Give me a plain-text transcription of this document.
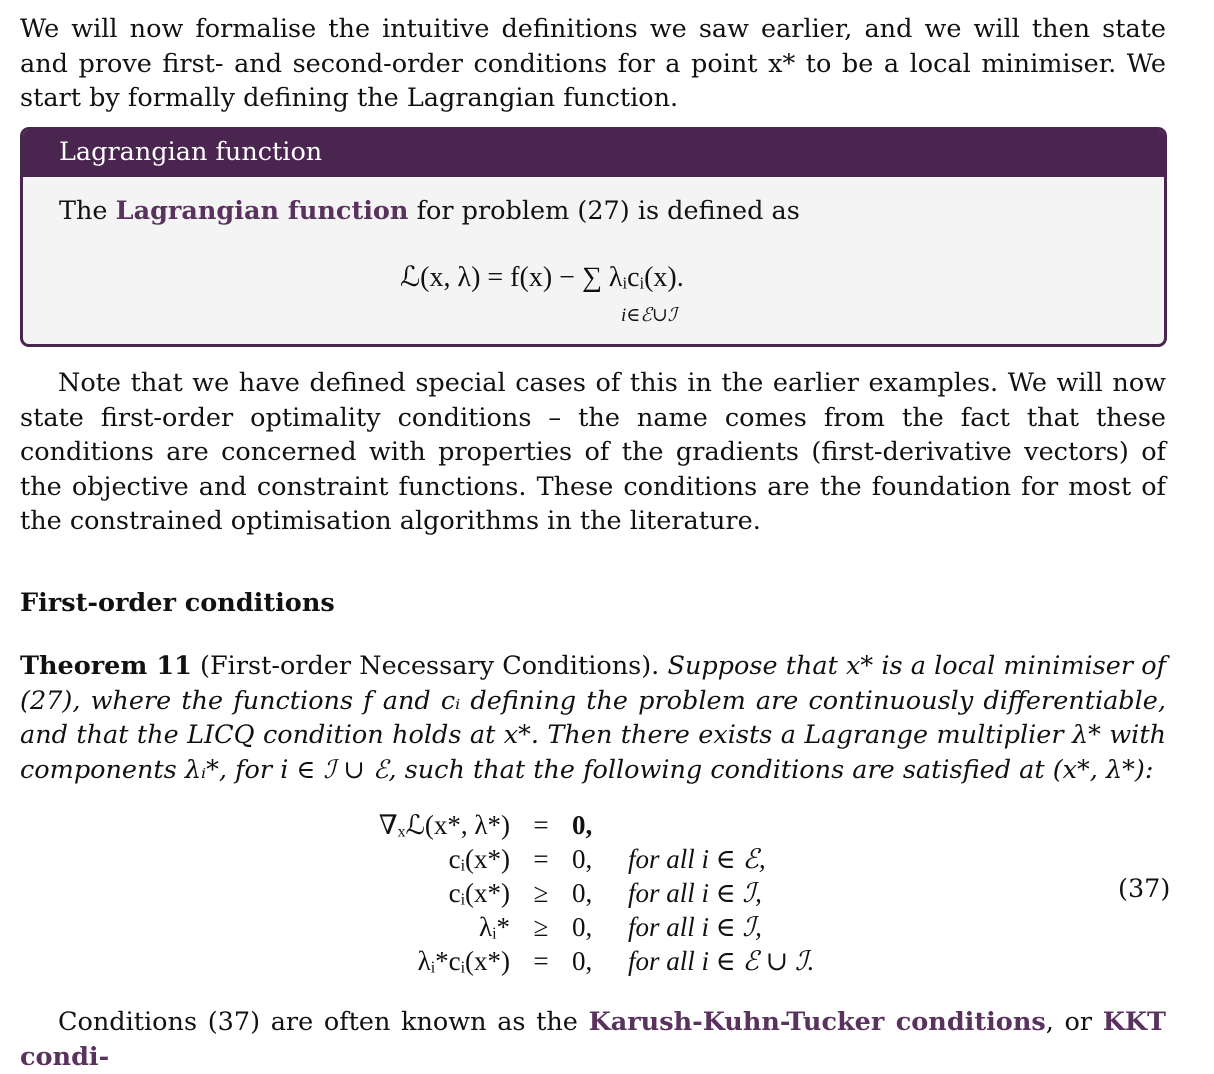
We will now formalise the intuitive definitions we saw earlier, and we will then state and prove first- and second-order conditions for a point x* to be a local minimiser. We start by formally defining the Lagrangian function.

Lagrangian function
The Lagrangian function for problem (27) is defined as
ℒ(x, λ) = f(x) − ∑ λᵢcᵢ(x).
i∈ℰ∪ℐ

Note that we have defined special cases of this in the earlier examples. We will now state first-order optimality conditions – the name comes from the fact that these conditions are concerned with properties of the gradients (first-derivative vectors) of the objective and constraint functions. These conditions are the foundation for most of the constrained optimisation algorithms in the literature.

First-order conditions

Theorem 11 (First-order Necessary Conditions). Suppose that x* is a local minimiser of (27), where the functions f and cᵢ defining the problem are continuously differentiable, and that the LICQ condition holds at x*. Then there exists a Lagrange multiplier λ* with components λᵢ*, for i ∈ ℐ ∪ ℰ, such that the following conditions are satisfied at (x*, λ*):

∇ₓℒ(x*, λ*)	=	0,	
cᵢ(x*)	=	0,	for all i ∈ ℰ,
cᵢ(x*)	≥	0,	for all i ∈ ℐ,
λᵢ*	≥	0,	for all i ∈ ℐ,
λᵢ*cᵢ(x*)	=	0,	for all i ∈ ℰ ∪ ℐ.
(37)

Conditions (37) are often known as the Karush-Kuhn-Tucker conditions, or KKT condi-
